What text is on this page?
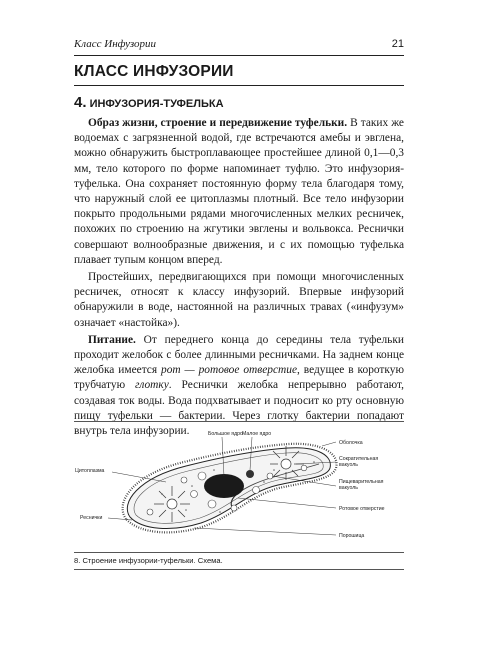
Класс Инфузории	21
КЛАСС ИНФУЗОРИИ
4. ИНФУЗОРИЯ-ТУФЕЛЬКА

Образ жизни, строение и передвижение туфельки. В таких же водоемах с загрязненной водой, где встречаются амебы и эвглена, можно обнаружить быстроплавающее простейшее длиной 0,1—0,3 мм, тело которого по форме напоминает туфлю. Это инфузория-туфелька. Она сохраняет постоянную форму тела благодаря тому, что наружный слой ее цитоплазмы плотный. Все тело инфузории покрыто продольными рядами многочисленных мелких ресничек, похожих по строению на жгутики эвглены и вольвокса. Реснички совершают волнообразные движения, и с их помощью туфелька плавает тупым концом вперед.

Простейших, передвигающихся при помощи многочисленных ресничек, относят к классу инфузорий. Впервые инфузорий обнаружили в воде, настоянной на различных травах («инфузум» означает «настойка»).

Питание. От переднего конца до середины тела туфельки проходит желобок с более длинными ресничками. На заднем конце желобка имеется рот — ротовое отверстие, ведущее в короткую трубчатую глотку. Реснички желобка непрерывно работают, создавая ток воды. Вода подхватывает и подносит ко рту основную пищу туфельки — бактерии. Через глотку бактерии попадают внутрь тела инфузории.	Большое ядро Малое ядро
Оболочка
Сократительная вакуоль
Пищеварительная вакуоль
Цитоплазма
Ротовое отверстие
Реснички
Порошица
8. Строение инфузории-туфельки. Схема.
